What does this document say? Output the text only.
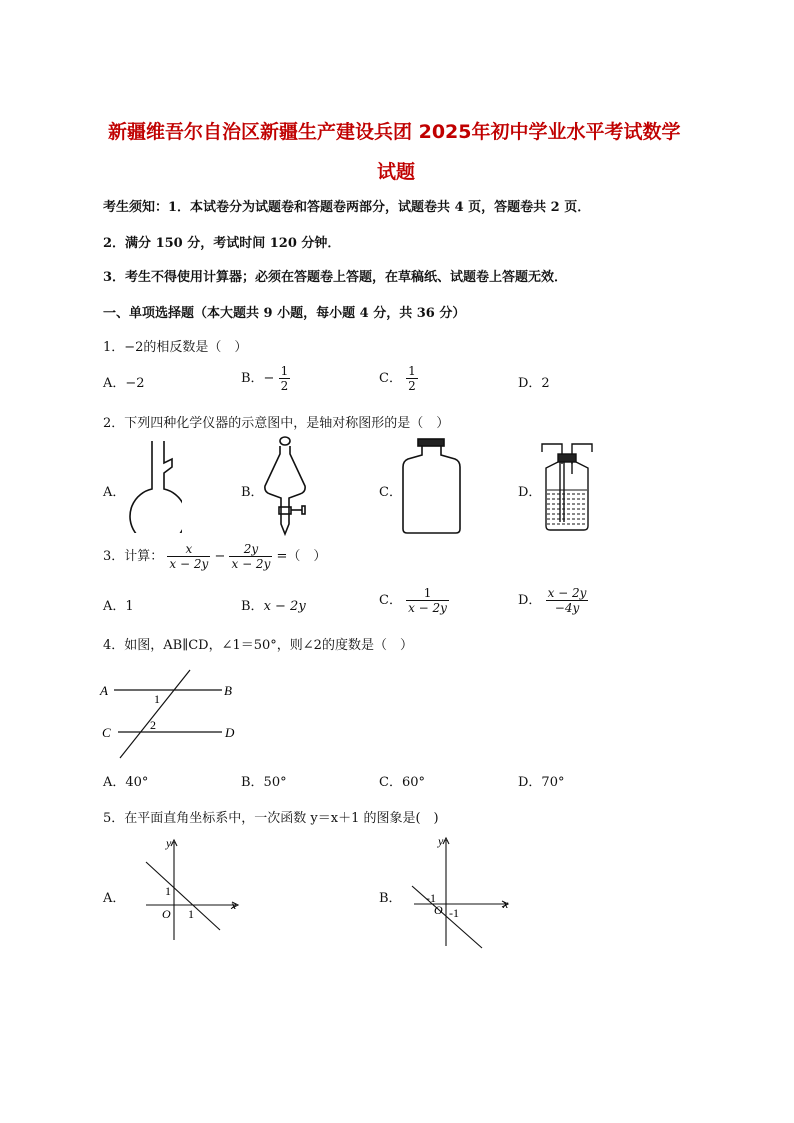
新疆维吾尔自治区新疆生产建设兵团 2025年初中学业水平考试数学
试题
考生须知：1．本试卷分为试题卷和答题卷两部分，试题卷共 4 页，答题卷共 2 页．
2．满分 150 分，考试时间 120 分钟．
3．考生不得使用计算器；必须在答题卷上答题，在草稿纸、试题卷上答题无效．
一、单项选择题（本大题共 9 小题，每小题 4 分，共 36 分）
1．−2的相反数是（　）
A．−2	B．− $\frac{1}{2}$	C． $\frac{1}{2}$	D．2
2．下列四种化学仪器的示意图中，是轴对称图形的是（　）
A．	B．	C．	D．
3．计算： $\frac{x}{x - 2y} - \frac{2y}{x - 2y}$ =（　）
A．1	B．x − 2y	C． $\frac{1}{x - 2y}$	D． $\frac{x - 2y}{-4y}$
4．如图，AB∥CD，∠1＝50°，则∠2的度数是（　）
A	B
C	D
1
2
A．40°	B．50°	C．60°	D．70°
5．在平面直角坐标系中，一次函数 y＝x＋1 的图象是(　)
A．	B．
y
x
O
1
1
y
x
-1
O -1
